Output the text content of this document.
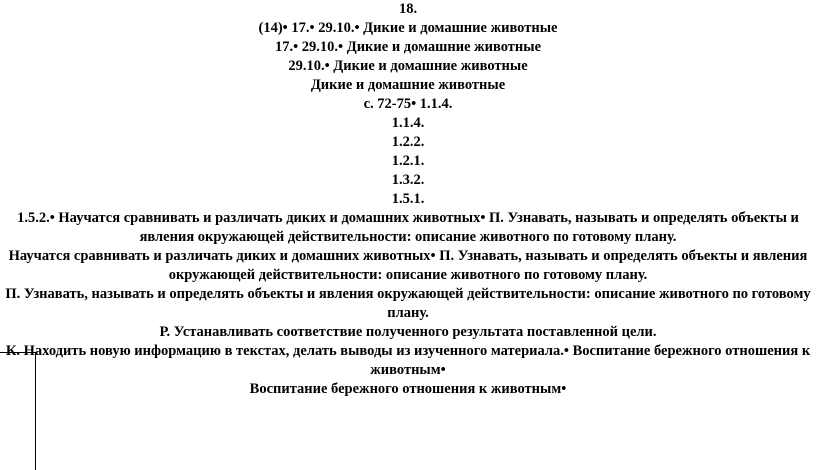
18.

(14)• 17.• 29.10.• Дикие и домашние животные

17.• 29.10.• Дикие и домашние животные

29.10.• Дикие и домашние животные

Дикие и домашние животные

с. 72-75• 1.1.4.

1.1.4.

1.2.2.

1.2.1.

1.3.2.

1.5.1.

1.5.2.• Научатся сравнивать и различать диких и домашних животных• П. Узнавать, называть и определять объекты и явления окружающей действительности: описание животного по готовому плану.

Научатся сравнивать и различать диких и домашних животных• П. Узнавать, называть и определять объекты и явления окружающей действительности: описание животного по готовому плану.

П. Узнавать, называть и определять объекты и явления окружающей действительности: описание животного по готовому плану.

Р. Устанавливать соответствие полученного результата поставленной цели.

К. Находить новую информацию в текстах, делать выводы из изученного материала.• Воспитание бережного отношения к животным•

Воспитание бережного отношения к животным•
